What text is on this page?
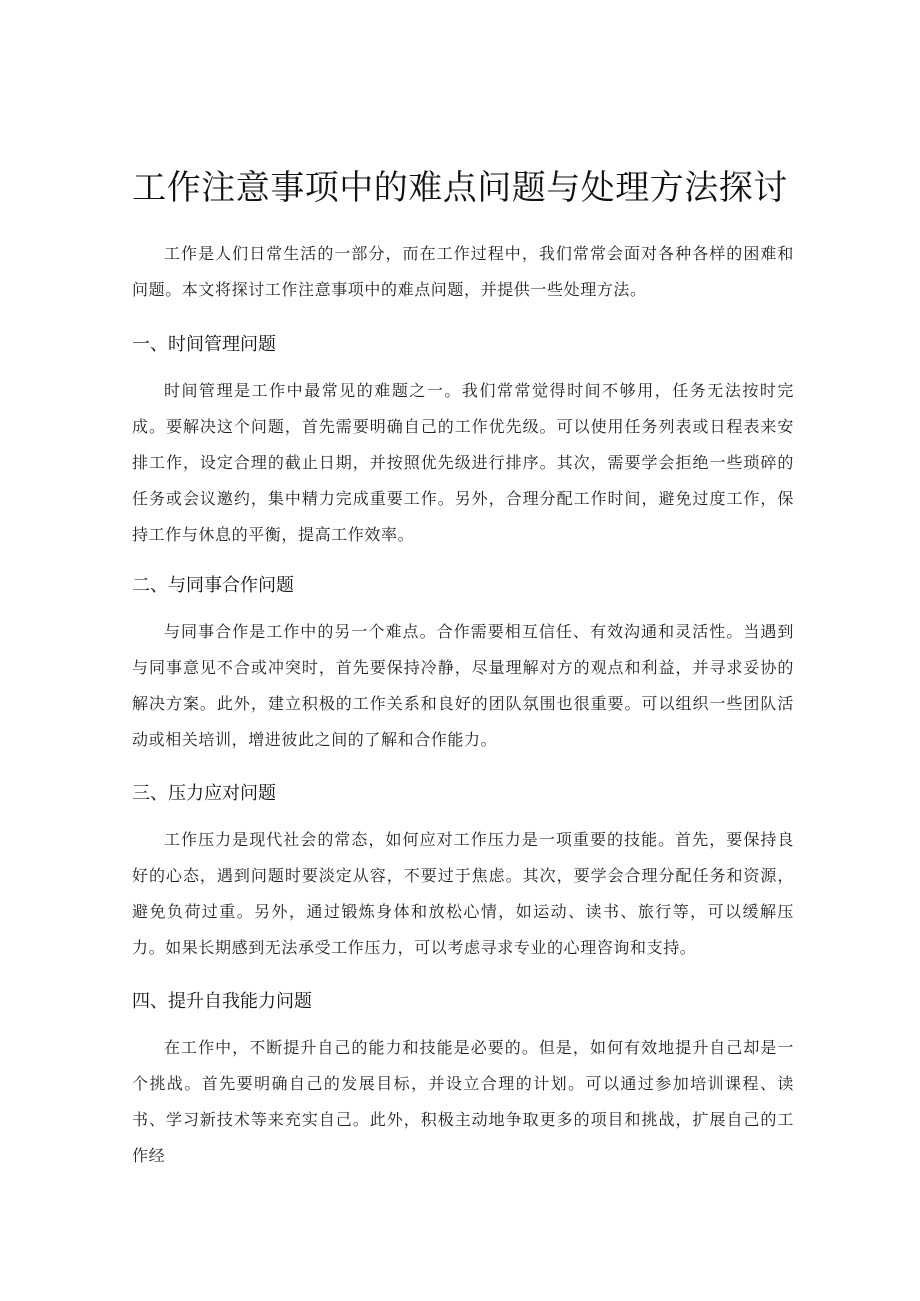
工作注意事项中的难点问题与处理方法探讨

工作是人们日常生活的一部分，而在工作过程中，我们常常会面对各种各样的困难和问题。本文将探讨工作注意事项中的难点问题，并提供一些处理方法。

一、时间管理问题

时间管理是工作中最常见的难题之一。我们常常觉得时间不够用，任务无法按时完成。要解决这个问题，首先需要明确自己的工作优先级。可以使用任务列表或日程表来安排工作，设定合理的截止日期，并按照优先级进行排序。其次，需要学会拒绝一些琐碎的任务或会议邀约，集中精力完成重要工作。另外，合理分配工作时间，避免过度工作，保持工作与休息的平衡，提高工作效率。

二、与同事合作问题

与同事合作是工作中的另一个难点。合作需要相互信任、有效沟通和灵活性。当遇到与同事意见不合或冲突时，首先要保持冷静，尽量理解对方的观点和利益，并寻求妥协的解决方案。此外，建立积极的工作关系和良好的团队氛围也很重要。可以组织一些团队活动或相关培训，增进彼此之间的了解和合作能力。

三、压力应对问题

工作压力是现代社会的常态，如何应对工作压力是一项重要的技能。首先，要保持良好的心态，遇到问题时要淡定从容，不要过于焦虑。其次，要学会合理分配任务和资源，避免负荷过重。另外，通过锻炼身体和放松心情，如运动、读书、旅行等，可以缓解压力。如果长期感到无法承受工作压力，可以考虑寻求专业的心理咨询和支持。

四、提升自我能力问题

在工作中，不断提升自己的能力和技能是必要的。但是，如何有效地提升自己却是一个挑战。首先要明确自己的发展目标，并设立合理的计划。可以通过参加培训课程、读书、学习新技术等来充实自己。此外，积极主动地争取更多的项目和挑战，扩展自己的工作经
